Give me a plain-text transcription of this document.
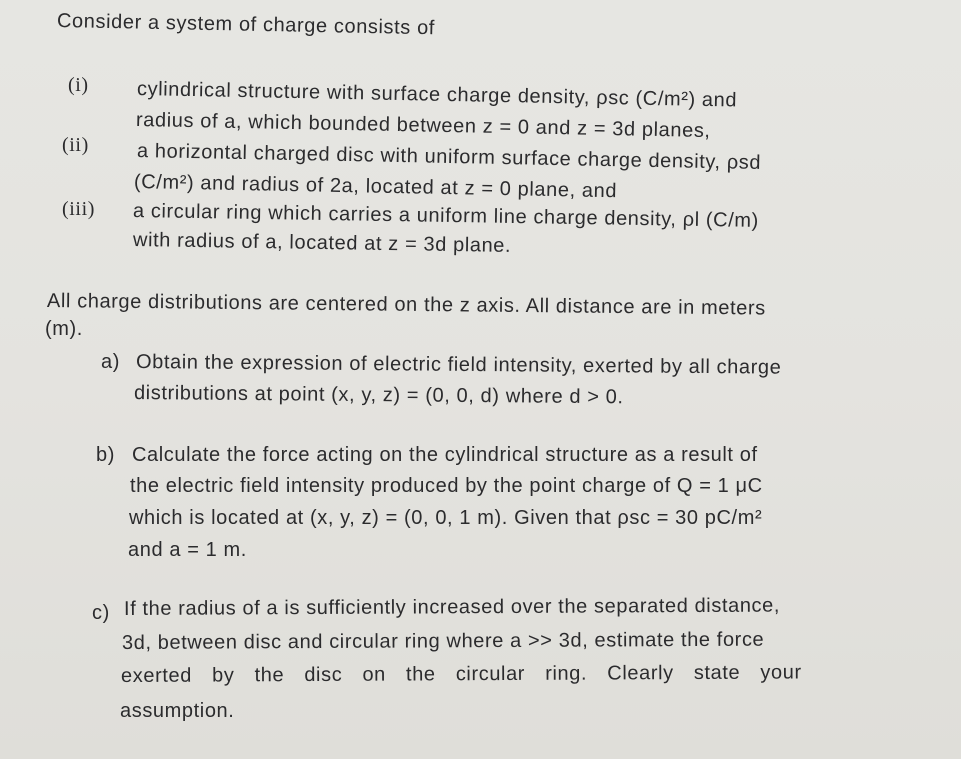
Consider a system of charge consists of
(i) cylindrical structure with surface charge density, ρsc (C/m²) and
radius of a, which bounded between z = 0 and z = 3d planes,
(ii) a horizontal charged disc with uniform surface charge density, ρsd
(C/m²) and radius of 2a, located at z = 0 plane, and
(iii) a circular ring which carries a uniform line charge density, ρl (C/m)
with radius of a, located at z = 3d plane.
All charge distributions are centered on the z axis. All distance are in meters
(m).
a) Obtain the expression of electric field intensity, exerted by all charge
distributions at point (x, y, z) = (0, 0, d) where d > 0.
b) Calculate the force acting on the cylindrical structure as a result of
the electric field intensity produced by the point charge of Q = 1 μC
which is located at (x, y, z) = (0, 0, 1 m). Given that ρsc = 30 pC/m²
and a = 1 m.
c) If the radius of a is sufficiently increased over the separated distance,
3d, between disc and circular ring where a >> 3d, estimate the force
exerted by the disc on the circular ring. Clearly state your
assumption.
